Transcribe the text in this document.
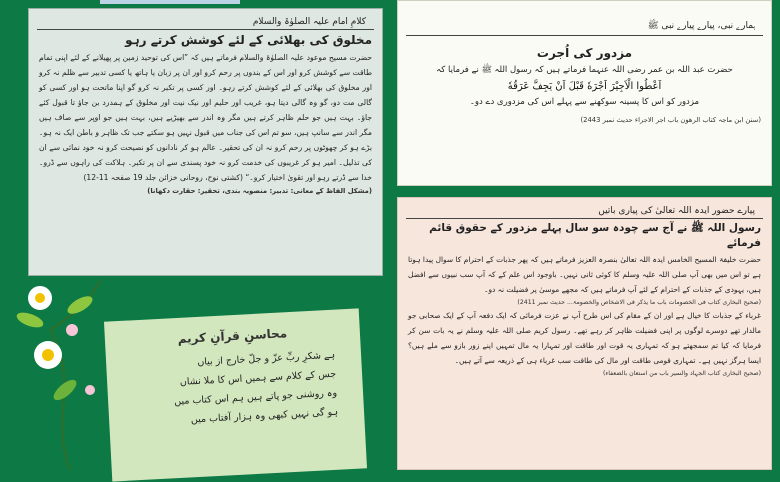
کلامِ امام علیہ الصلوٰۃ والسلام
مخلوق کی بھلائی کے لئے کوشش کرتے رہو
حضرت مسیح موعود علیہ الصلوٰۃ والسلام فرماتے ہیں کہ ”اس کی توحید زمین پر پھیلانے کے لئے اپنی تمام طاقت سے کوشش کرو اور اس کے بندوں پر رحم کرو اور ان پر زبان یا ہاتھ یا کسی تدبیر سے ظلم نہ کرو اور مخلوق کی بھلائی کے لئے کوشش کرتے رہو۔ اور کسی پر تکبر نہ کرو گو اپنا ماتحت ہو اور کسی کو گالی مت دو، گو وہ گالی دیتا ہو، غریب اور حلیم اور نیک نیت اور مخلوق کے ہمدرد بن جاؤ تا قبول کئے جاؤ۔ بہت ہیں جو حلم ظاہر کرتے ہیں مگر وہ اندر سے بھیڑیے ہیں، بہت ہیں جو اوپر سے صاف ہیں مگر اندر سے سانپ ہیں، سو تم اس کی جناب میں قبول نہیں ہو سکتے جب تک ظاہر و باطن ایک نہ ہو۔ بڑے ہو کر چھوٹوں پر رحم کرو نہ ان کی تحقیر۔ عالم ہو کر نادانوں کو نصیحت کرو نہ خود نمائی سے ان کی تذلیل۔ امیر ہو کر غریبوں کی خدمت کرو نہ خود پسندی سے ان پر تکبر۔ ہلاکت کی راہوں سے ڈرو۔ خدا سے ڈرتے رہو اور تقویٰ اختیار کرو۔“ (کشتی نوح، روحانی خزائن جلد 19 صفحہ 11-12)
(مشکل الفاظ کے معانی: تدبیر: منصوبہ بندی، تحقیر: حقارت دکھانا)
ہمارے نبی، پیارے پیارے نبی ﷺ
مزدور کی اُجرت
حضرت عبد اللہ بن عمر رضی اللہ عنہما فرماتے ہیں کہ رسول اللہ ﷺ نے فرمایا کہ
اَعْطُوا الْاَجِيْرَ اَجْرَهٗ قَبْلَ اَنْ يَجِفَّ عَرَقُهٗ
مزدور کو اس کا پسینہ سوکھنے سے پہلے اس کی مزدوری دے دو۔
(سنن ابن ماجہ کتاب الرھون باب اجر الاجراء حدیث نمبر 2443)
پیارے حضور ایدہ اللہ تعالیٰ کی پیاری باتیں
رسول اللہ ﷺ نے آج سے چودہ سو سال پہلے مزدور کے حقوق قائم فرمائے
حضرت خلیفۃ المسیح الخامس ایدہ اللہ تعالیٰ بنصرہ العزیز فرماتے ہیں کہ پھر جذبات کے احترام کا سوال پیدا ہوتا ہے تو اس میں بھی آپ صلی اللہ علیہ وسلم کا کوئی ثانی نہیں۔ باوجود اس علم کے کہ آپ سب نبیوں سے افضل ہیں، یہودی کے جذبات کے احترام کے لئے آپ فرماتے ہیں کہ مجھے موسیٰ پر فضیلت نہ دو۔
(صحیح البخاری کتاب فی الخصومات باب ما یذکر فی الاشخاص والخصومۃ... حدیث نمبر 2411)
غرباء کے جذبات کا خیال ہے اور ان کے مقام کی اس طرح آپ نے عزت فرمائی کہ ایک دفعہ آپ کے ایک صحابی جو مالدار تھے دوسرے لوگوں پر اپنی فضیلت ظاہر کر رہے تھے۔ رسول کریم صلی اللہ علیہ وسلم نے یہ بات سن کر فرمایا کہ کیا تم سمجھتے ہو کہ تمہاری یہ قوت اور طاقت اور تمہارا یہ مال تمہیں اپنے زور بازو سے ملے ہیں؟ ایسا ہرگز نہیں ہے۔ تمہاری قومی طاقت اور مال کی طاقت سب غرباء ہی کے ذریعہ سے آتے ہیں۔
(صحیح البخاری کتاب الجہاد والسیر باب من استعان بالضعفاء)
محاسنِ قرآنِ کریم
ہے شکرِ ربِّ عزّ و جلّ خارج از بیاں
جس کے کلام سے ہمیں اس کا ملا نشاں
وہ روشنی جو پاتے ہیں ہم اس کتاب میں
ہو گی نہیں کبھی وہ ہزار آفتاب میں
